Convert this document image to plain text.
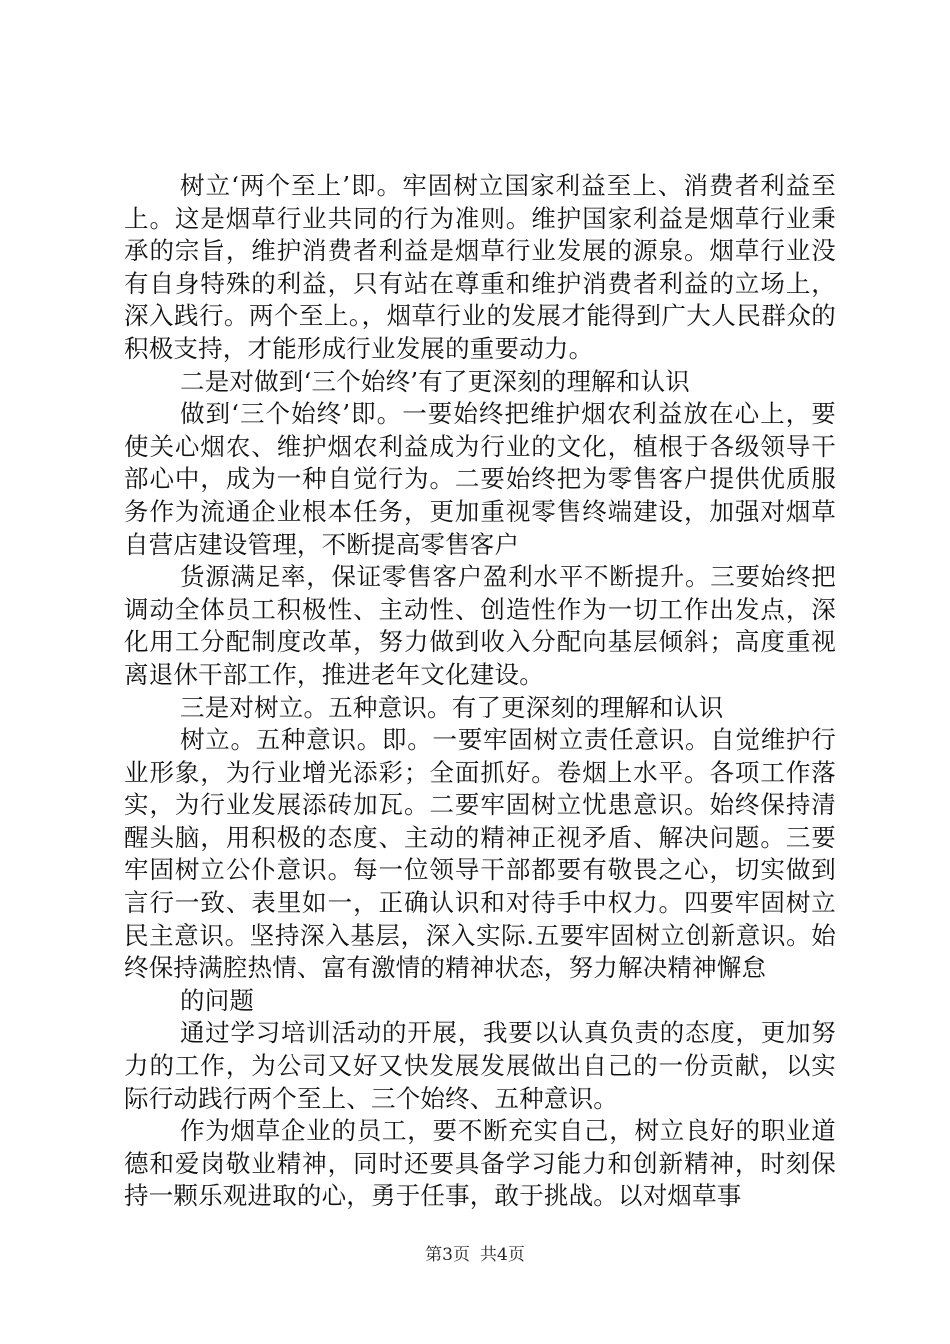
树立‘两个至上’即。牢固树立国家利益至上、消费者利益至上。这是烟草行业共同的行为准则。维护国家利益是烟草行业秉承的宗旨，维护消费者利益是烟草行业发展的源泉。烟草行业没有自身特殊的利益，只有站在尊重和维护消费者利益的立场上，深入践行。两个至上。，烟草行业的发展才能得到广大人民群众的积极支持，才能形成行业发展的重要动力。

二是对做到‘三个始终’有了更深刻的理解和认识

做到‘三个始终’即。一要始终把维护烟农利益放在心上，要使关心烟农、维护烟农利益成为行业的文化，植根于各级领导干部心中，成为一种自觉行为。二要始终把为零售客户提供优质服务作为流通企业根本任务，更加重视零售终端建设，加强对烟草自营店建设管理，不断提高零售客户

货源满足率，保证零售客户盈利水平不断提升。三要始终把调动全体员工积极性、主动性、创造性作为一切工作出发点，深化用工分配制度改革，努力做到收入分配向基层倾斜；高度重视离退休干部工作，推进老年文化建设。

三是对树立。五种意识。有了更深刻的理解和认识

树立。五种意识。即。一要牢固树立责任意识。自觉维护行业形象，为行业增光添彩；全面抓好。卷烟上水平。各项工作落实，为行业发展添砖加瓦。二要牢固树立忧患意识。始终保持清醒头脑，用积极的态度、主动的精神正视矛盾、解决问题。三要牢固树立公仆意识。每一位领导干部都要有敬畏之心，切实做到言行一致、表里如一，正确认识和对待手中权力。四要牢固树立民主意识。坚持深入基层，深入实际.五要牢固树立创新意识。始终保持满腔热情、富有激情的精神状态，努力解决精神懈怠

的问题

通过学习培训活动的开展，我要以认真负责的态度，更加努力的工作，为公司又好又快发展发展做出自己的一份贡献，以实际行动践行两个至上、三个始终、五种意识。

作为烟草企业的员工，要不断充实自己，树立良好的职业道德和爱岗敬业精神，同时还要具备学习能力和创新精神，时刻保持一颗乐观进取的心，勇于任事，敢于挑战。以对烟草事

第3页 共4页
